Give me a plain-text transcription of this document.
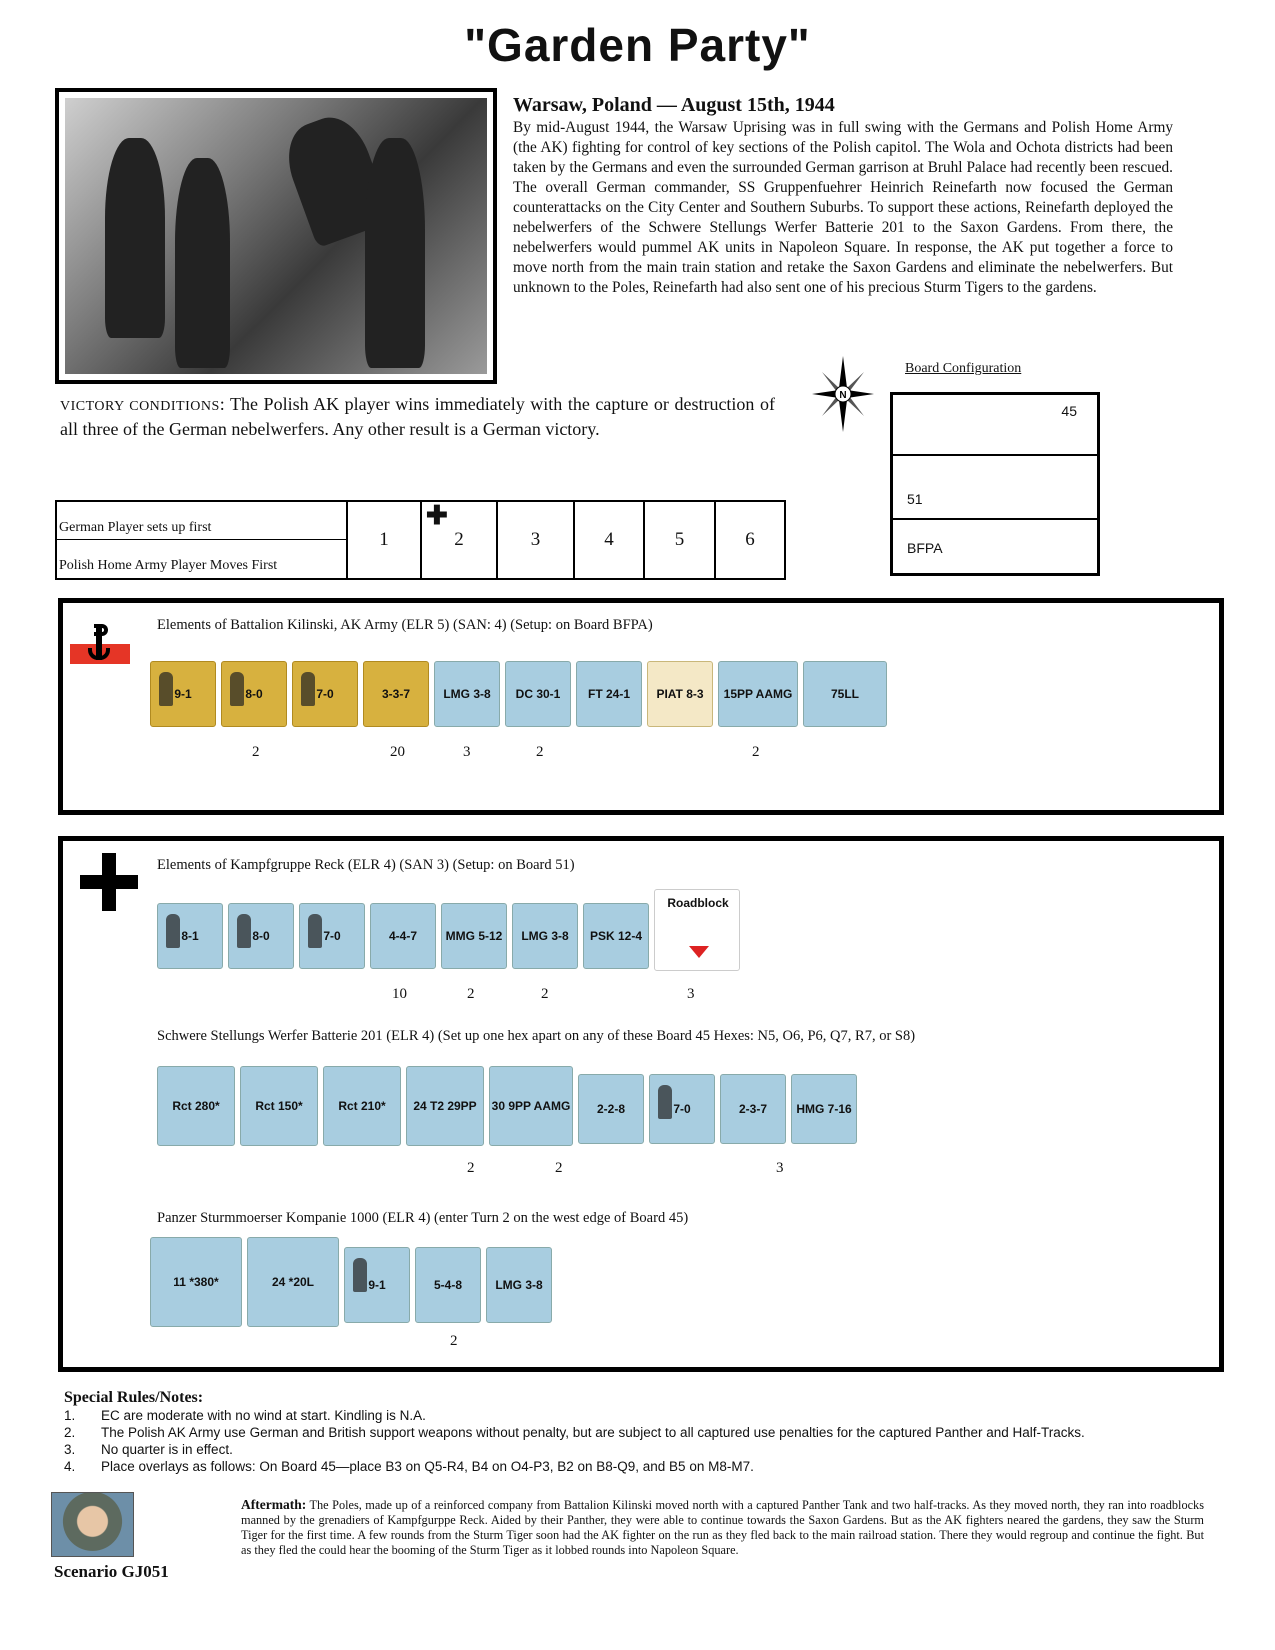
"Garden Party"
Warsaw, Poland — August 15th, 1944
By mid-August 1944, the Warsaw Uprising was in full swing with the Germans and Polish Home Army (the AK) fighting for control of key sections of the Polish capitol. The Wola and Ochota districts had been taken by the Germans and even the surrounded German garrison at Bruhl Palace had recently been rescued. The overall German commander, SS Gruppenfuehrer Heinrich Reinefarth now focused the German counterattacks on the City Center and Southern Suburbs. To support these actions, Reinefarth deployed the nebelwerfers of the Schwere Stellungs Werfer Batterie 201 to the Saxon Gardens. From there, the nebelwerfers would pummel AK units in Napoleon Square. In response, the AK put together a force to move north from the main train station and retake the Saxon Gardens and eliminate the nebelwerfers. But unknown to the Poles, Reinefarth had also sent one of his precious Sturm Tigers to the gardens.
N
Board Configuration
45
51
BFPA
VICTORY CONDITIONS: The Polish AK player wins immediately with the capture or destruction of all three of the German nebelwerfers. Any other result is a German victory.
German Player sets up first
Polish Home Army Player Moves First
1
✚
2	3	4	5	6
Elements of Battalion Kilinski, AK Army (ELR 5) (SAN: 4) (Setup: on Board BFPA)
9-1	8-0	7-0	3-3-7	LMG 3-8 DC 30-1 FT 24-1 PIAT 8-3 15PP AAMG	75LL
2	20	3	2	2
Elements of Kampfgruppe Reck (ELR 4) (SAN 3) (Setup: on Board 51)
8-1	8-0	7-0	4-4-7 MMG 5-12 LMG 3-8 PSK 12-4
Roadblock
10	2	2	3
Schwere Stellungs Werfer Batterie 201 (ELR 4) (Set up one hex apart on any of these Board 45 Hexes: N5, O6, P6, Q7, R7, or S8)
Rct 280*	Rct 150*	Rct 210* 24 T2 29PP 30 9PP AAMG 2-2-8	7-0	2-3-7 HMG 7-16
2	2	3
Panzer Sturmmoerser Kompanie 1000 (ELR 4) (enter Turn 2 on the west edge of Board 45)
11 *380*	24 *20L	9-1	5-4-8	LMG 3-8
2
Special Rules/Notes:
1. EC are moderate with no wind at start. Kindling is N.A.
2. The Polish AK Army use German and British support weapons without penalty, but are subject to all captured use penalties for the captured Panther and Half-Tracks.
3. No quarter is in effect.
4. Place overlays as follows: On Board 45—place B3 on Q5-R4, B4 on O4-P3, B2 on B8-Q9, and B5 on M8-M7.
Scenario GJ051
Aftermath: The Poles, made up of a reinforced company from Battalion Kilinski moved north with a captured Panther Tank and two half-tracks. As they moved north, they ran into roadblocks manned by the grenadiers of Kampfgurppe Reck. Aided by their Panther, they were able to continue towards the Saxon Gardens. But as the AK fighters neared the gardens, they saw the Sturm Tiger for the first time. A few rounds from the Sturm Tiger soon had the AK fighter on the run as they fled back to the main railroad station. There they would regroup and continue the fight. But as they fled the could hear the booming of the Sturm Tiger as it lobbed rounds into Napoleon Square.
